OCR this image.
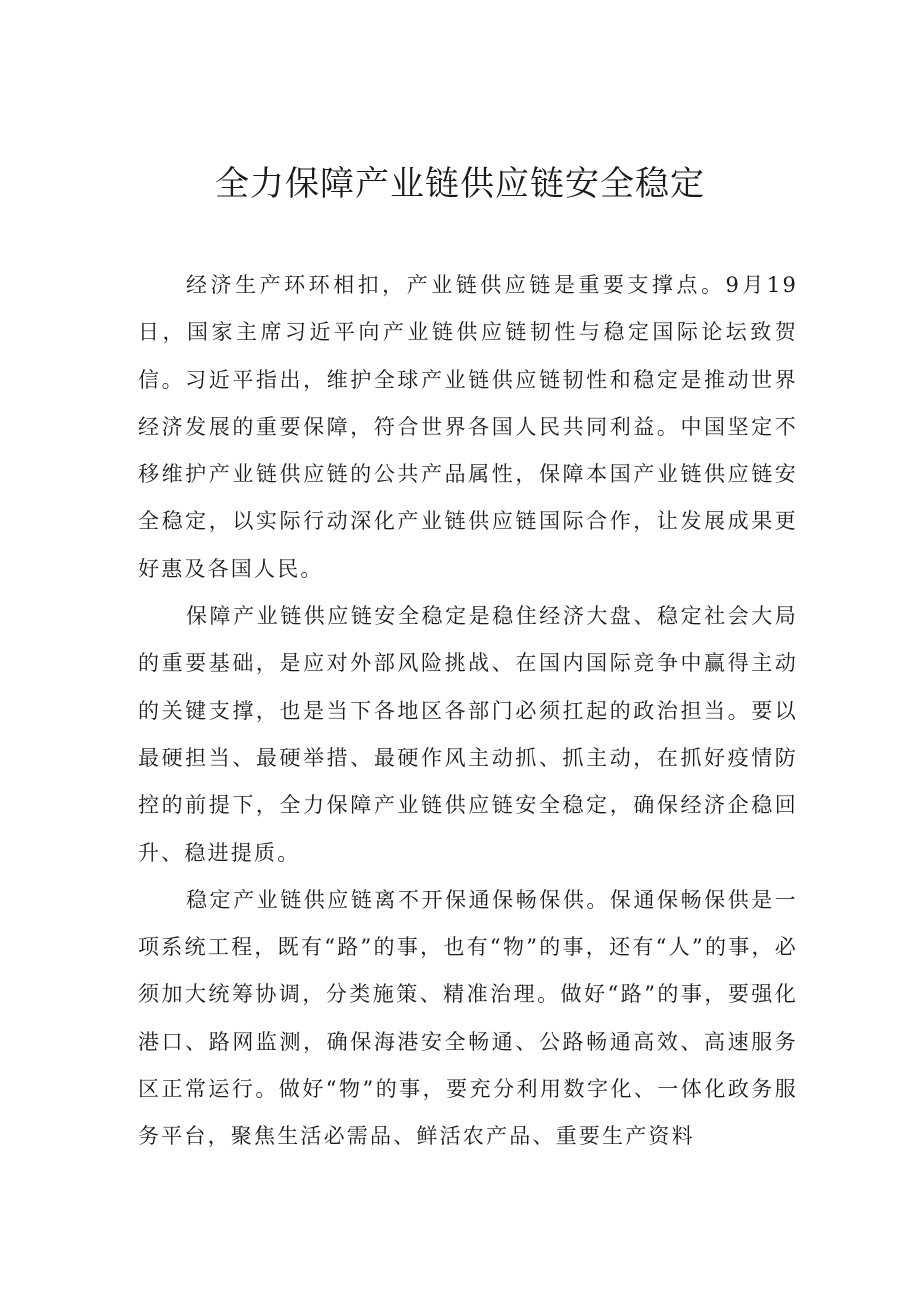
全力保障产业链供应链安全稳定

经济生产环环相扣，产业链供应链是重要支撑点。9月19日，国家主席习近平向产业链供应链韧性与稳定国际论坛致贺信。习近平指出，维护全球产业链供应链韧性和稳定是推动世界经济发展的重要保障，符合世界各国人民共同利益。中国坚定不移维护产业链供应链的公共产品属性，保障本国产业链供应链安全稳定，以实际行动深化产业链供应链国际合作，让发展成果更好惠及各国人民。

保障产业链供应链安全稳定是稳住经济大盘、稳定社会大局的重要基础，是应对外部风险挑战、在国内国际竞争中赢得主动的关键支撑，也是当下各地区各部门必须扛起的政治担当。要以最硬担当、最硬举措、最硬作风主动抓、抓主动，在抓好疫情防控的前提下，全力保障产业链供应链安全稳定，确保经济企稳回升、稳进提质。

稳定产业链供应链离不开保通保畅保供。保通保畅保供是一项系统工程，既有“路”的事，也有“物”的事，还有“人”的事，必须加大统筹协调，分类施策、精准治理。做好“路”的事，要强化港口、路网监测，确保海港安全畅通、公路畅通高效、高速服务区正常运行。做好“物”的事，要充分利用数字化、一体化政务服务平台，聚焦生活必需品、鲜活农产品、重要生产资料
